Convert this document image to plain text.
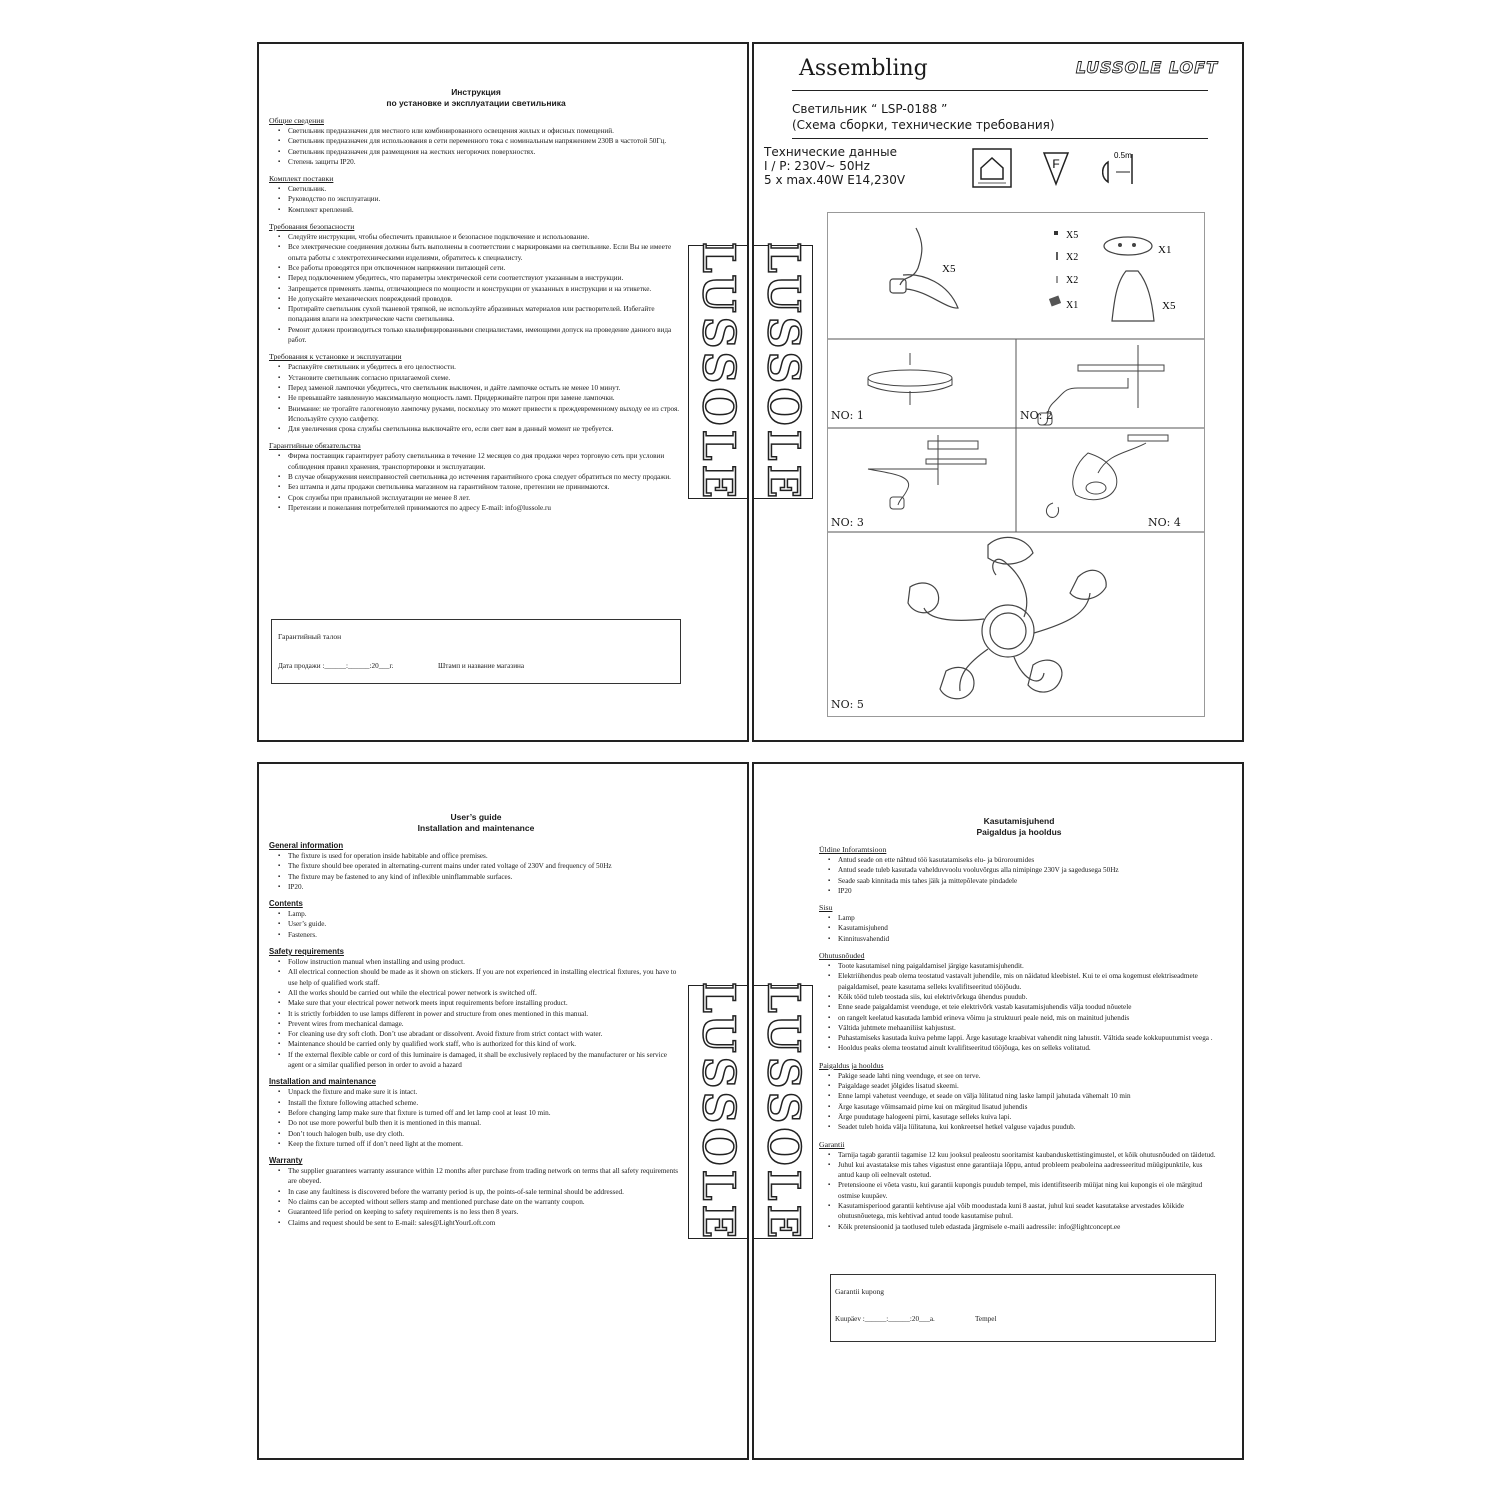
Инструкция
по установке и эксплуатации светильника
Общие сведения
▪ Светильник предназначен для местного или комбинированного освещения жилых и офисных помещений.
▪ Светильник предназначен для использования в сети переменного тока с номинальным напряжением 230В в частотой 50Гц.
▪ Светильник предназначен для размещения на жестких негорючих поверхностях.
▪ Степень защиты IP20.
Комплект поставки
▪ Светильник.
▪ Руководство по эксплуатации.
▪ Комплект креплений.
Требования безопасности
▪ Следуйте инструкции, чтобы обеспечить правильное и безопасное подключение и использование.
▪ Все электрические соединения должны быть выполнены в соответствии с маркировками на светильнике. Если Вы не имеете опыта работы с электротехническими изделиями, обратитесь к специалисту.
▪ Все работы проводятся при отключенном напряжении питающей сети.
▪ Перед подключением убедитесь, что параметры электрической сети соответствуют указанным в инструкции.
▪ Запрещается применять лампы, отличающиеся по мощности и конструкции от указанных в инструкции и на этикетке.
▪ Не допускайте механических повреждений проводов.
▪ Протирайте светильник сухой тканевой тряпкой, не используйте абразивных материалов или растворителей. Избегайте попадания влаги на электрические части светильника.
▪ Ремонт должен производиться только квалифицированными специалистами, имеющими допуск на проведение данного вида работ.
Требования к установке и эксплуатации
▪ Распакуйте светильник и убедитесь в его целостности.
▪ Установите светильник согласно прилагаемой схеме.
▪ Перед заменой лампочки убедитесь, что светильник выключен, и дайте лампочке остыть не менее 10 минут.
▪ Не превышайте заявленную максимальную мощность ламп. Придерживайте патрон при замене лампочки.
▪ Внимание: не трогайте галогеновую лампочку руками, поскольку это может привести к преждевременному выходу ее из строя. Используйте сухую салфетку.
▪ Для увеличения срока службы светильника выключайте его, если свет вам в данный момент не требуется.
Гарантийные обязательства
▪ Фирма поставщик гарантирует работу светильника в течение 12 месяцев со дня продажи через торговую сеть при условии соблюдения правил хранения, транспортировки и эксплуатации.
▪ В случае обнаружения неисправностей светильника до истечения гарантийного срока следует обратиться по месту продажи.
▪ Без штампа и даты продажи светильника магазином на гарантийном талоне, претензии не принимаются.
▪ Срок службы при правильной эксплуатации не менее 8 лет.
▪ Претензии и пожелания потребителей принимаются по адресу E-mail: info@lussole.ru
Гарантийный талон
Дата продажи :______:______:20___г.	Штамп и название магазина
Assembling	LUSSOLE LOFT
Светильник “ LSP-0188 ”
(Схема сборки, технические требования)
Технические данные
I / P: 230V~ 50Hz
5 x max.40W E14,230V
F
0.5m
X5
X5
X2
X2
X1
X1
X5
NO: 1	NO: 2
NO: 3	NO: 4
NO: 5
User’s guide
Installation and maintenance
General information
▪ The fixture is used for operation inside habitable and office premises.
▪ The fixture should bee operated in alternating-current mains under rated voltage of 230V and frequency of 50Hz
▪ The fixture may be fastened to any kind of inflexible uninflammable surfaces.
▪ IP20.
Contents
▪ Lamp.
▪ User’s guide.
▪ Fasteners.
Safety requirements
▪ Follow instruction manual when installing and using product.
▪ All electrical connection should be made as it shown on stickers. If you are not experienced in installing electrical fixtures, you have to use help of qualified work staff.
▪ All the works should be carried out while the electrical power network is switched off.
▪ Make sure that your electrical power network meets input requirements before installing product.
▪ It is strictly forbidden to use lamps different in power and structure from ones mentioned in this manual.
▪ Prevent wires from mechanical damage.
▪ For cleaning use dry soft cloth. Don’t use abradant or dissolvent. Avoid fixture from strict contact with water.
▪ Maintenance should be carried only by qualified work staff, who is authorized for this kind of work.
▪ If the external flexible cable or cord of this luminaire is damaged, it shall be exclusively replaced by the manufacturer or his service agent or a similar qualified person in order to avoid a hazard
Installation and maintenance
▪ Unpack the fixture and make sure it is intact.
▪ Install the fixture following attached scheme.
▪ Before changing lamp make sure that fixture is turned off and let lamp cool at least 10 min.
▪ Do not use more powerful bulb then it is mentioned in this manual.
▪ Don’t touch halogen bulb, use dry cloth.
▪ Keep the fixture turned off if don’t need light at the moment.
Warranty
▪ The supplier guarantees warranty assurance within 12 months after purchase from trading network on terms that all safety requirements are obeyed.
▪ In case any faultiness is discovered before the warranty period is up, the points-of-sale terminal should be addressed.
▪ No claims can be accepted without sellers stamp and mentioned purchase date on the warranty coupon.
▪ Guaranteed life period on keeping to safety requirements is no less then 8 years.
▪ Claims and request should be sent to E-mail: sales@LightYourLoft.com
Kasutamisjuhend
Paigaldus ja hooldus
Üldine Inforamtsioon
▪ Antud seade on ette nähtud töö kasutatamiseks elu- ja büroroumides
▪ Antud seade tuleb kasutada vahelduvvoolu vooluvõrgus alla nimipinge 230V ja sagedusega 50Hz
▪ Seade saab kinnitada mis tahes jäik ja mittepõlevate pindadele
▪ IP20
Sisu
▪ Lamp
▪ Kasutamisjuhend
▪ Kinnitusvahendid
Ohutusnõuded
▪ Toote kasutamisel ning paigaldamisel järgige kasutamisjuhendit.
▪ Elektriühendus peab olema teostatud vastavalt juhendile, mis on näidatud kleebistel. Kui te ei oma kogemust elektriseadmete paigaldamisel, peate kasutama selleks kvalifitseeritud tööjõudu.
▪ Kõik tööd tuleb teostada siis, kui elektrivõrkuga ühendus puudub.
▪ Enne seade paigaldamist veenduge, et teie elektrivõrk vastab kasutamisjuhendis välja toodud nõuetele
▪ on rangelt keelatud kasutada lambid erineva võimu ja struktuuri peale neid, mis on mainitud juhendis
▪ Vältida juhtmete mehaaniliist kahjustust.
▪ Puhastamiseks kasutada kuiva pehme lappi. Ärge kasutage kraabivat vahendit ning lahustit. Vältida seade kokkupuutumist veega .
▪ Hooldus peaks olema teostatud ainult kvalifitseeritud tööjõuga, kes on selleks volitatud.
Paigaldus ja hooldus
▪ Pakige seade lahti ning veenduge, et see on terve.
▪ Paigaldage seadet jõlgides lisatud skeemi.
▪ Enne lampi vahetust veenduge, et seade on välja lülitatud ning laske lampil jahutada vähemalt 10 min
▪ Ärge kasutage võimsamaid pirne kui on märgitud lisatud juhendis
▪ Ärge puudutage halogeeni pirni, kasutage selleks kuiva lapi.
▪ Seadet tuleb hoida välja lülitatuna, kui konkreetsel hetkel valguse vajadus puudub.
Garantii
▪ Tarnija tagab garantii tagamise 12 kuu jooksul pealeostu sooritamist kaubanduskettistingimustel, et kõik ohutusnõuded on täidetud.
▪ Juhul kui avastatakse mis tahes vigastust enne garantiiaja lõppu, antud probleem peaboleina aadresseeritud müügipunktile, kus antud kaup oli eelnevalt ostetud.
▪ Pretensioone ei võeta vastu, kui garantii kupongis puudub tempel, mis identifitseerib müüjat ning kui kupongis ei ole märgitud ostmise kuupäev.
▪ Kasutamisperiood garantii kehtivuse ajal võib moodustada kuni 8 aastat, juhul kui seadet kasutatakse arvestades kõikide ohutusnõuetega, mis kehtivad antud toode kasutamise puhul.
▪ Kõik pretensioonid ja taotlused tuleb edastada järgmisele e-maili aadressile: info@lightconcept.ee
Garantii kupong
Kuupäev :______:______:20___a.	Tempel
LUSSOLE LUSSOLE
LUSSOLE LUSSOLE
